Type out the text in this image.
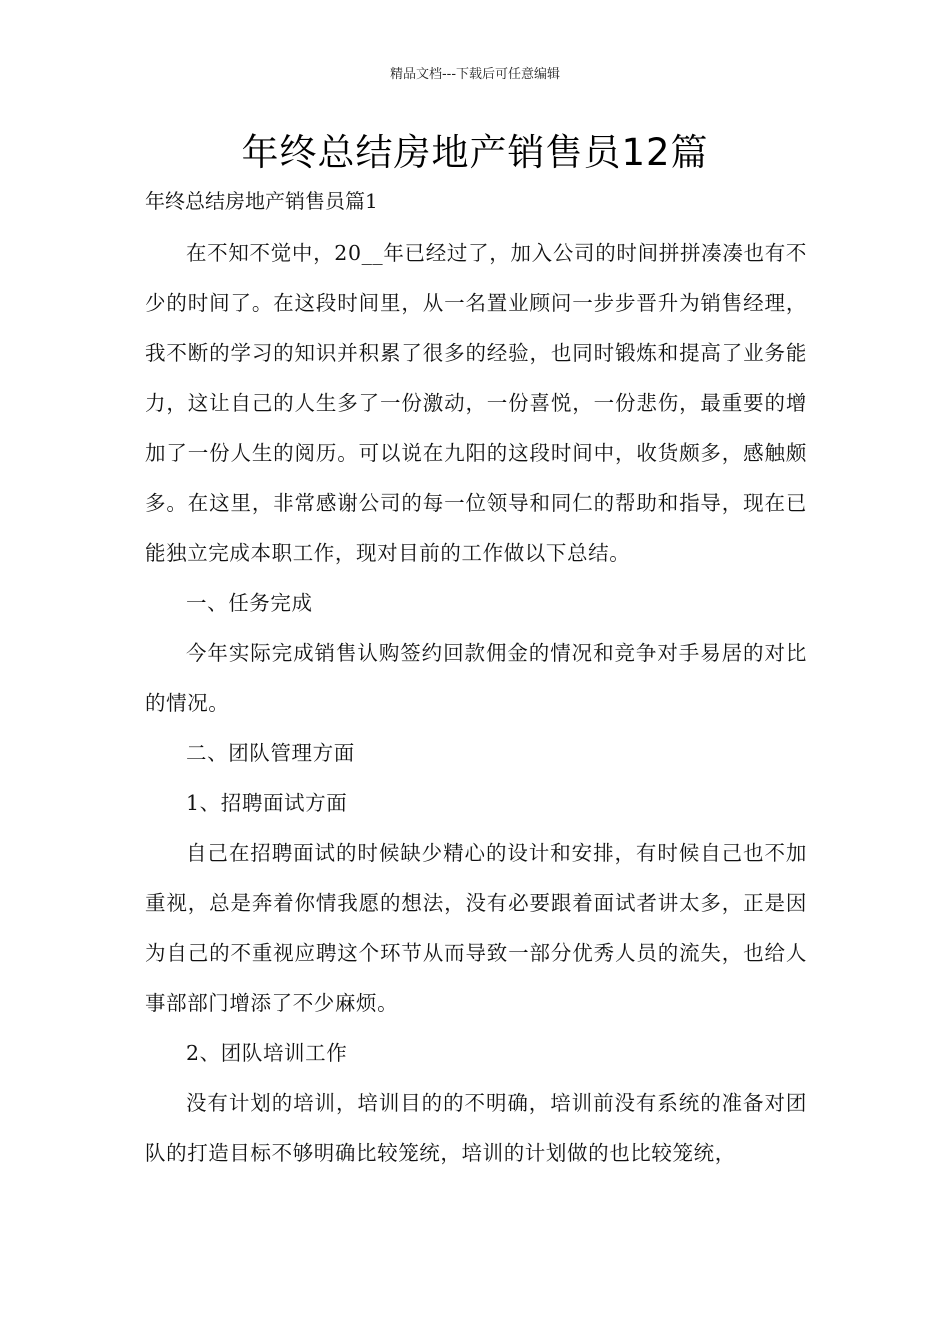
精品文档---下载后可任意编辑
年终总结房地产销售员12篇
年终总结房地产销售员篇1

在不知不觉中，20__年已经过了，加入公司的时间拼拼凑凑也有不少的时间了。在这段时间里，从一名置业顾问一步步晋升为销售经理，我不断的学习的知识并积累了很多的经验，也同时锻炼和提高了业务能力，这让自己的人生多了一份激动，一份喜悦，一份悲伤，最重要的增加了一份人生的阅历。可以说在九阳的这段时间中，收货颇多，感触颇多。在这里，非常感谢公司的每一位领导和同仁的帮助和指导，现在已能独立完成本职工作，现对目前的工作做以下总结。

一、任务完成

今年实际完成销售认购签约回款佣金的情况和竞争对手易居的对比的情况。

二、团队管理方面

1、招聘面试方面

自己在招聘面试的时候缺少精心的设计和安排，有时候自己也不加重视，总是奔着你情我愿的想法，没有必要跟着面试者讲太多，正是因为自己的不重视应聘这个环节从而导致一部分优秀人员的流失，也给人事部部门增添了不少麻烦。

2、团队培训工作

没有计划的培训，培训目的的不明确，培训前没有系统的准备对团队的打造目标不够明确比较笼统，培训的计划做的也比较笼统，
